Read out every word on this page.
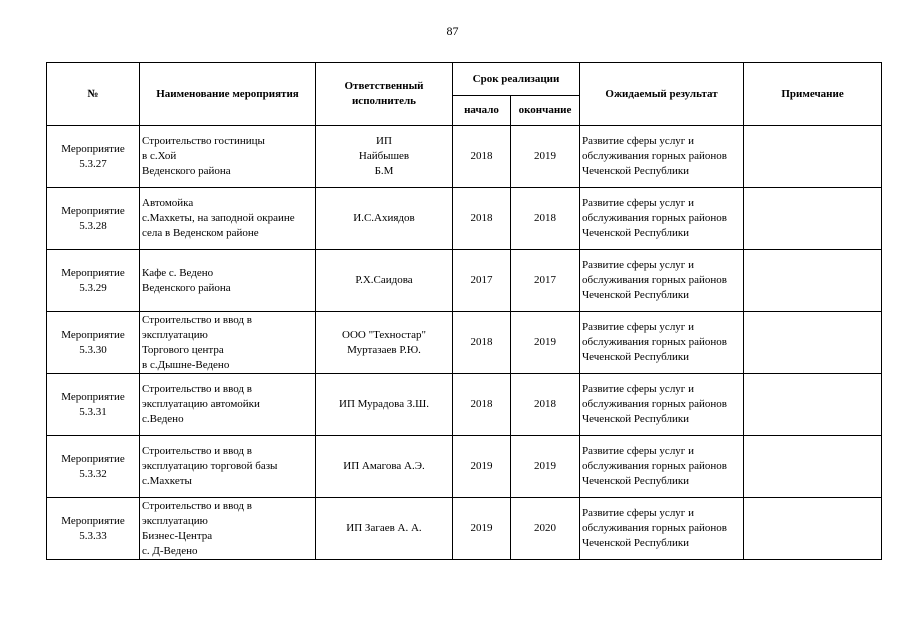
87
№	Наименование мероприятия	Ответственный
исполнитель	Срок реализации		Ожидаемый результат	Примечание

			начало	окончание		

Мероприятие
5.3.27	Строительство гостиницы
в с.Хой
Веденского района	ИП
Найбышев
Б.М	2018	2019	Развитие сферы услуг и
обслуживания горных районов
Чеченской Республики	

Мероприятие
5.3.28	Автомойка
с.Махкеты, на заподной окраине
села в Веденском районе	И.С.Ахиядов	2018	2018	Развитие сферы услуг и
обслуживания горных районов
Чеченской Республики	

Мероприятие
5.3.29	Кафе с. Ведено
Веденского района	Р.Х.Саидова	2017	2017	Развитие сферы услуг и
обслуживания горных районов
Чеченской Республики	

Мероприятие
5.3.30	Строительство и ввод в
эксплуатацию
Торгового центра
в с.Дышне-Ведено	ООО "Техностар"
Муртазаев Р.Ю.	2018	2019	Развитие сферы услуг и
обслуживания горных районов
Чеченской Республики	

Мероприятие
5.3.31	Строительство и ввод в
эксплуатацию автомойки
с.Ведено	ИП Мурадова З.Ш.	2018	2018	Развитие сферы услуг и
обслуживания горных районов
Чеченской Республики	

Мероприятие
5.3.32	Строительство и ввод в
эксплуатацию торговой базы
с.Махкеты	ИП Амагова А.Э.	2019	2019	Развитие сферы услуг и
обслуживания горных районов
Чеченской Республики	

Мероприятие
5.3.33	Строительство и ввод в
эксплуатацию
Бизнес-Центра
с. Д-Ведено	ИП Загаев А. А.	2019	2020	Развитие сферы услуг и
обслуживания горных районов
Чеченской Республики	
